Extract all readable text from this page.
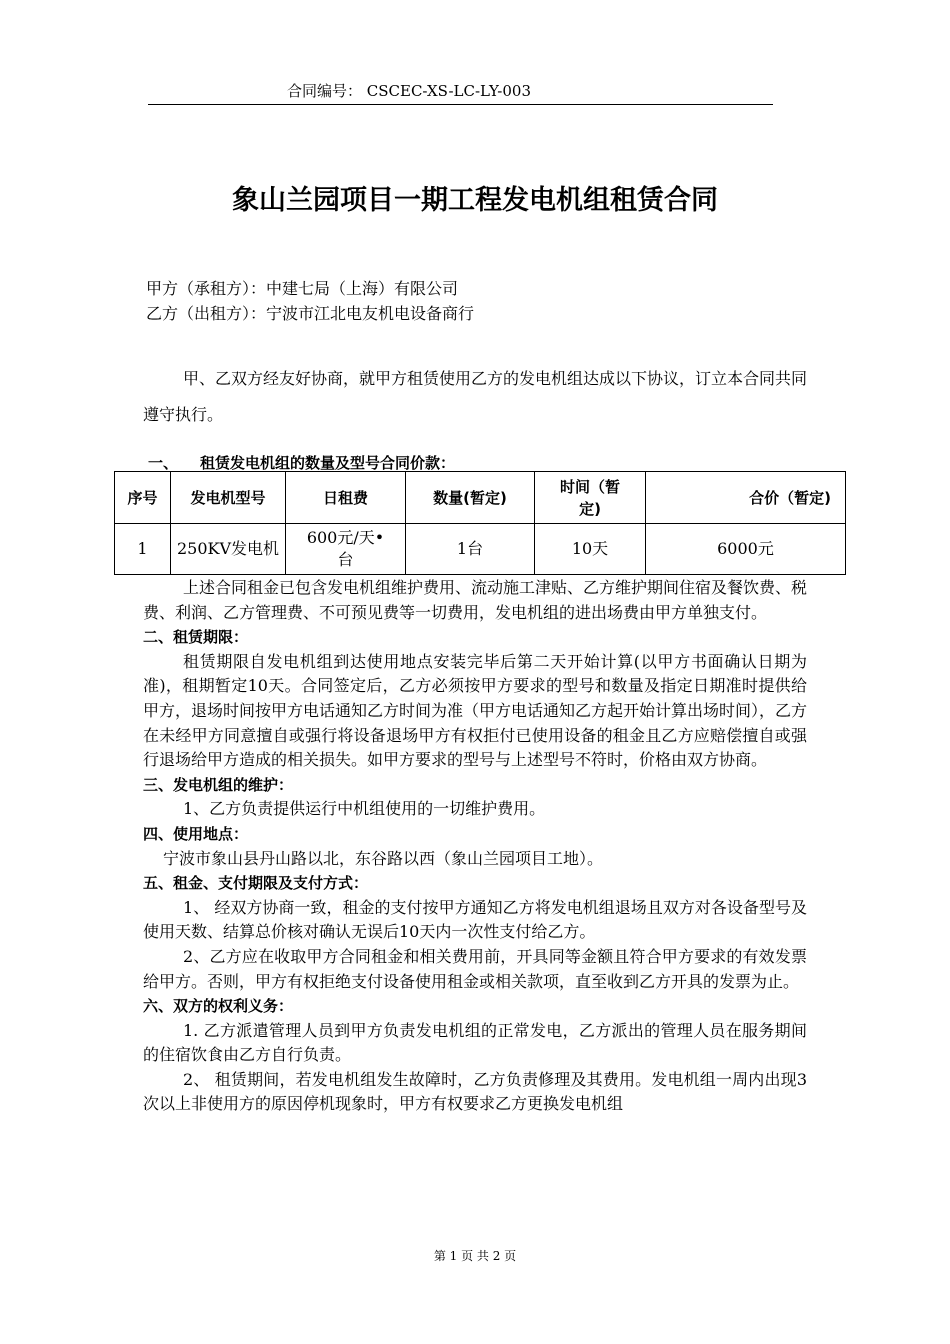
合同编号： CSCEC-XS-LC-LY-003
象山兰园项目一期工程发电机组租赁合同
甲方（承租方）：中建七局（上海）有限公司
乙方（出租方）：宁波市江北电友机电设备商行
甲、乙双方经友好协商，就甲方租赁使用乙方的发电机组达成以下协议，订立本合同共同遵守执行。
一、 租赁发电机组的数量及型号合同价款：
序号	发电机型号	日租费	数量(暂定)	时间（暂定)	合价（暂定)
1	250KV发电机	600元/天•台	1台	10天	6000元

上述合同租金已包含发电机组维护费用、流动施工津贴、乙方维护期间住宿及餐饮费、税费、利润、乙方管理费、不可预见费等一切费用，发电机组的进出场费由甲方单独支付。

二、租赁期限：

租赁期限自发电机组到达使用地点安装完毕后第二天开始计算(以甲方书面确认日期为准)，租期暂定10天。合同签定后，乙方必须按甲方要求的型号和数量及指定日期准时提供给甲方，退场时间按甲方电话通知乙方时间为准（甲方电话通知乙方起开始计算出场时间），乙方在未经甲方同意擅自或强行将设备退场甲方有权拒付已使用设备的租金且乙方应赔偿擅自或强行退场给甲方造成的相关损失。如甲方要求的型号与上述型号不符时，价格由双方协商。

三、发电机组的维护：

1、乙方负责提供运行中机组使用的一切维护费用。

四、使用地点：

宁波市象山县丹山路以北，东谷路以西（象山兰园项目工地）。

五、租金、支付期限及支付方式：

1、 经双方协商一致，租金的支付按甲方通知乙方将发电机组退场且双方对各设备型号及使用天数、结算总价核对确认无误后10天内一次性支付给乙方。

2、乙方应在收取甲方合同租金和相关费用前，开具同等金额且符合甲方要求的有效发票给甲方。否则，甲方有权拒绝支付设备使用租金或相关款项，直至收到乙方开具的发票为止。

六、双方的权利义务：

1. 乙方派遣管理人员到甲方负责发电机组的正常发电，乙方派出的管理人员在服务期间的住宿饮食由乙方自行负责。

2、 租赁期间，若发电机组发生故障时，乙方负责修理及其费用。发电机组一周内出现3次以上非使用方的原因停机现象时，甲方有权要求乙方更换发电机组

第 1 页 共 2 页
